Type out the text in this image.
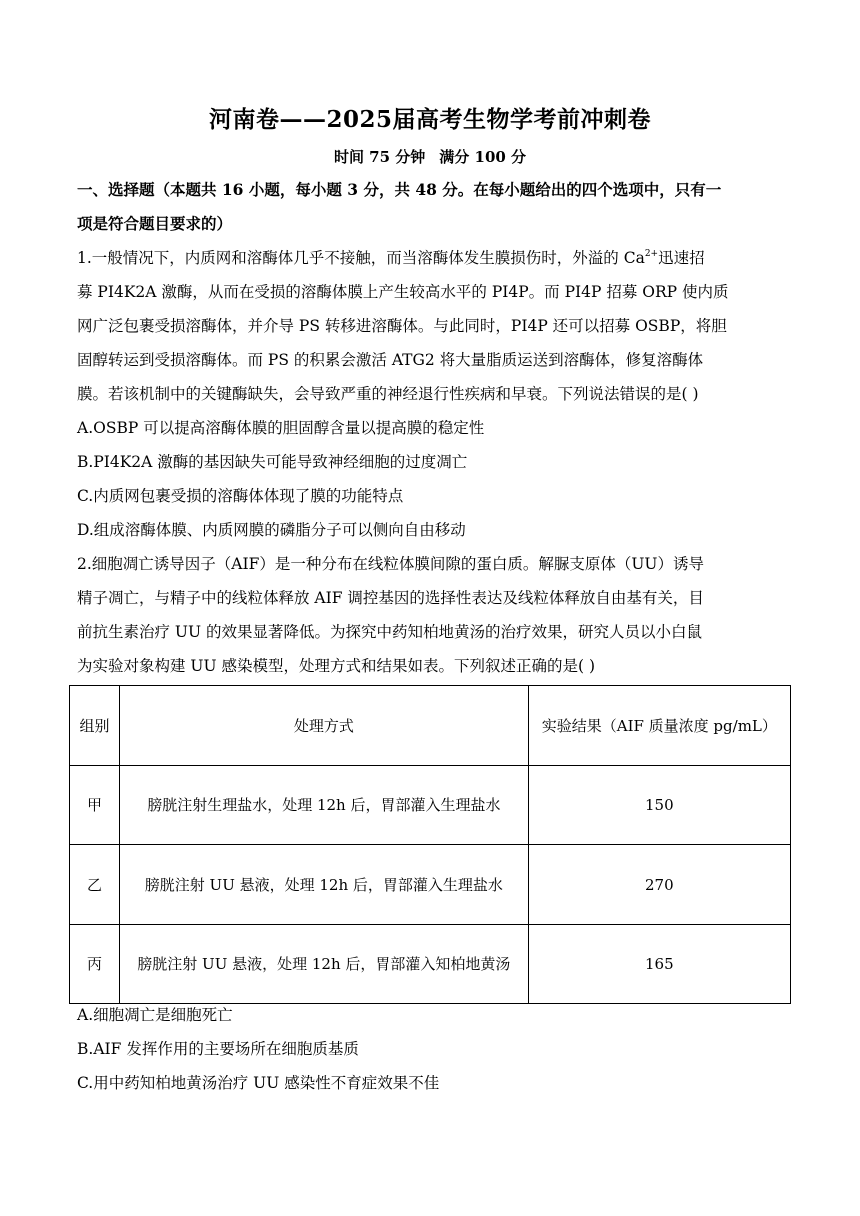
河南卷——2025届高考生物学考前冲刺卷
时间 75 分钟 满分 100 分
一、选择题（本题共 16 小题，每小题 3 分，共 48 分。在每小题给出的四个选项中，只有一
项是符合题目要求的）
1.一般情况下，内质网和溶酶体几乎不接触，而当溶酶体发生膜损伤时，外溢的 $Ca^{2+}$迅速招
募 PI4K2A 激酶，从而在受损的溶酶体膜上产生较高水平的 PI4P。而 PI4P 招募 ORP 使内质
网广泛包裹受损溶酶体，并介导 PS 转移进溶酶体。与此同时，PI4P 还可以招募 OSBP，将胆
固醇转运到受损溶酶体。而 PS 的积累会激活 ATG2 将大量脂质运送到溶酶体，修复溶酶体
膜。若该机制中的关键酶缺失，会导致严重的神经退行性疾病和早衰。下列说法错误的是( )
A.OSBP 可以提高溶酶体膜的胆固醇含量以提高膜的稳定性
B.PI4K2A 激酶的基因缺失可能导致神经细胞的过度凋亡
C.内质网包裹受损的溶酶体体现了膜的功能特点
D.组成溶酶体膜、内质网膜的磷脂分子可以侧向自由移动
2.细胞凋亡诱导因子（AIF）是一种分布在线粒体膜间隙的蛋白质。解脲支原体（UU）诱导
精子凋亡，与精子中的线粒体释放 AIF 调控基因的选择性表达及线粒体释放自由基有关，目
前抗生素治疗 UU 的效果显著降低。为探究中药知柏地黄汤的治疗效果，研究人员以小白鼠
为实验对象构建 UU 感染模型，处理方式和结果如表。下列叙述正确的是( )
组别	处理方式	实验结果（AIF 质量浓度 pg/mL）
甲	膀胱注射生理盐水，处理 12h 后，胃部灌入生理盐水	150
乙	膀胱注射 UU 悬液，处理 12h 后，胃部灌入生理盐水	270
丙	膀胱注射 UU 悬液，处理 12h 后，胃部灌入知柏地黄汤	165
A.细胞凋亡是细胞死亡
B.AIF 发挥作用的主要场所在细胞质基质
C.用中药知柏地黄汤治疗 UU 感染性不育症效果不佳
